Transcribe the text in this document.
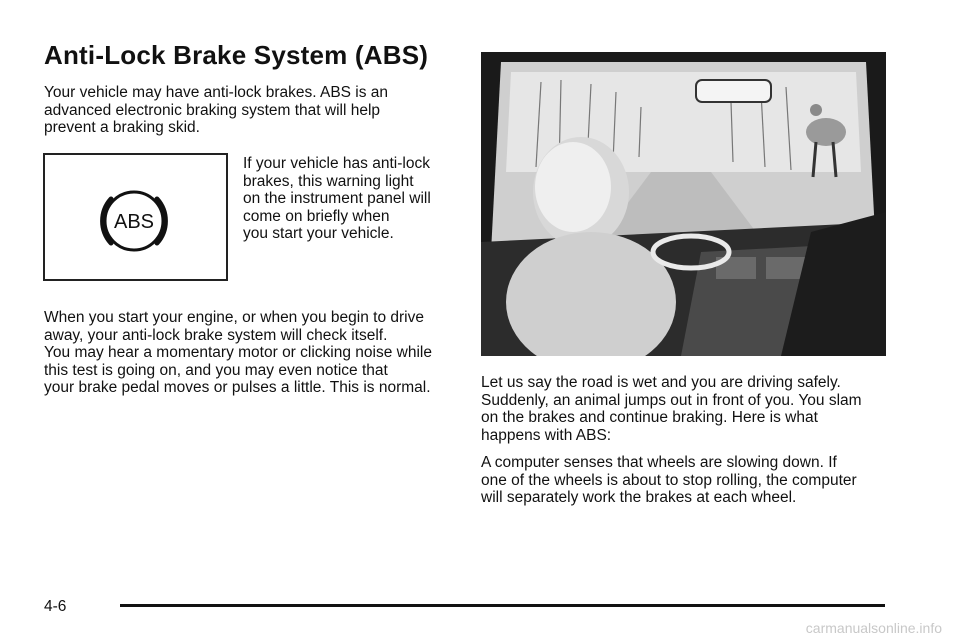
Anti-Lock Brake System (ABS)

Your vehicle may have anti-lock brakes. ABS is an
advanced electronic braking system that will help
prevent a braking skid.

ABS

If your vehicle has anti-lock
brakes, this warning light
on the instrument panel will
come on briefly when
you start your vehicle.

When you start your engine, or when you begin to drive
away, your anti-lock brake system will check itself.
You may hear a momentary motor or clicking noise while
this test is going on, and you may even notice that
your brake pedal moves or pulses a little. This is normal.	Let us say the road is wet and you are driving safely.
Suddenly, an animal jumps out in front of you. You slam
on the brakes and continue braking. Here is what
happens with ABS:

A computer senses that wheels are slowing down. If
one of the wheels is about to stop rolling, the computer
will separately work the brakes at each wheel.

4-6
carmanualsonline.info
